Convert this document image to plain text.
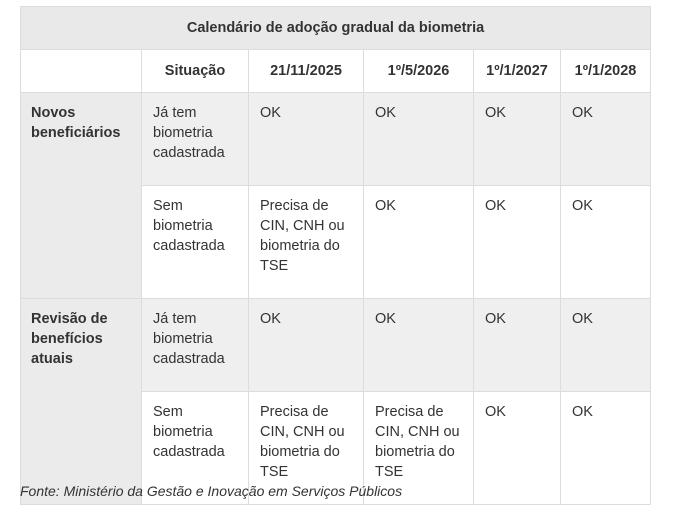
Calendário de adoção gradual da biometria					
	Situação	21/11/2025	1º/5/2026	1º/1/2027	1º/1/2028
Novos beneficiários	Já tem biometria cadastrada	OK	OK	OK	OK
	Sem biometria cadastrada	Precisa de CIN, CNH ou biometria do TSE	OK	OK	OK
Revisão de benefícios atuais	Já tem biometria cadastrada	OK	OK	OK	OK
	Sem biometria cadastrada	Precisa de CIN, CNH ou biometria do TSE	Precisa de CIN, CNH ou biometria do TSE	OK	OK
Fonte: Ministério da Gestão e Inovação em Serviços Públicos
